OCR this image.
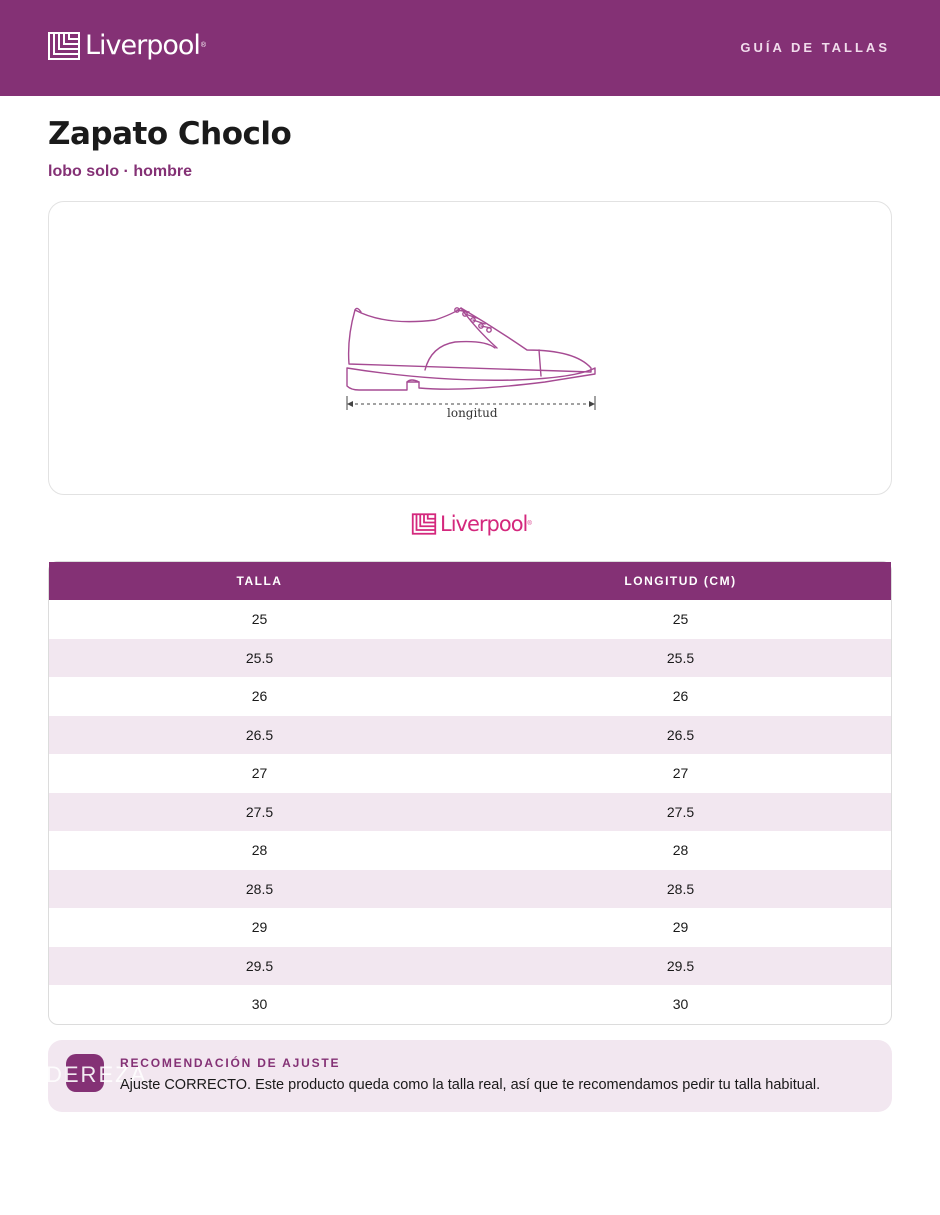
Liverpool ®	GUÍA DE TALLAS
Zapato Choclo
lobo solo · hombre
longitud
Liverpool ®
TALLA	LONGITUD (CM)
25	25
25.5	25.5
26	26
26.5	26.5
27	27
27.5	27.5
28	28
28.5	28.5
29	29
29.5	29.5
30	30
DEREZA
RECOMENDACIÓN DE AJUSTE
Ajuste CORRECTO. Este producto queda como la talla real, así que te recomendamos pedir tu talla habitual.
